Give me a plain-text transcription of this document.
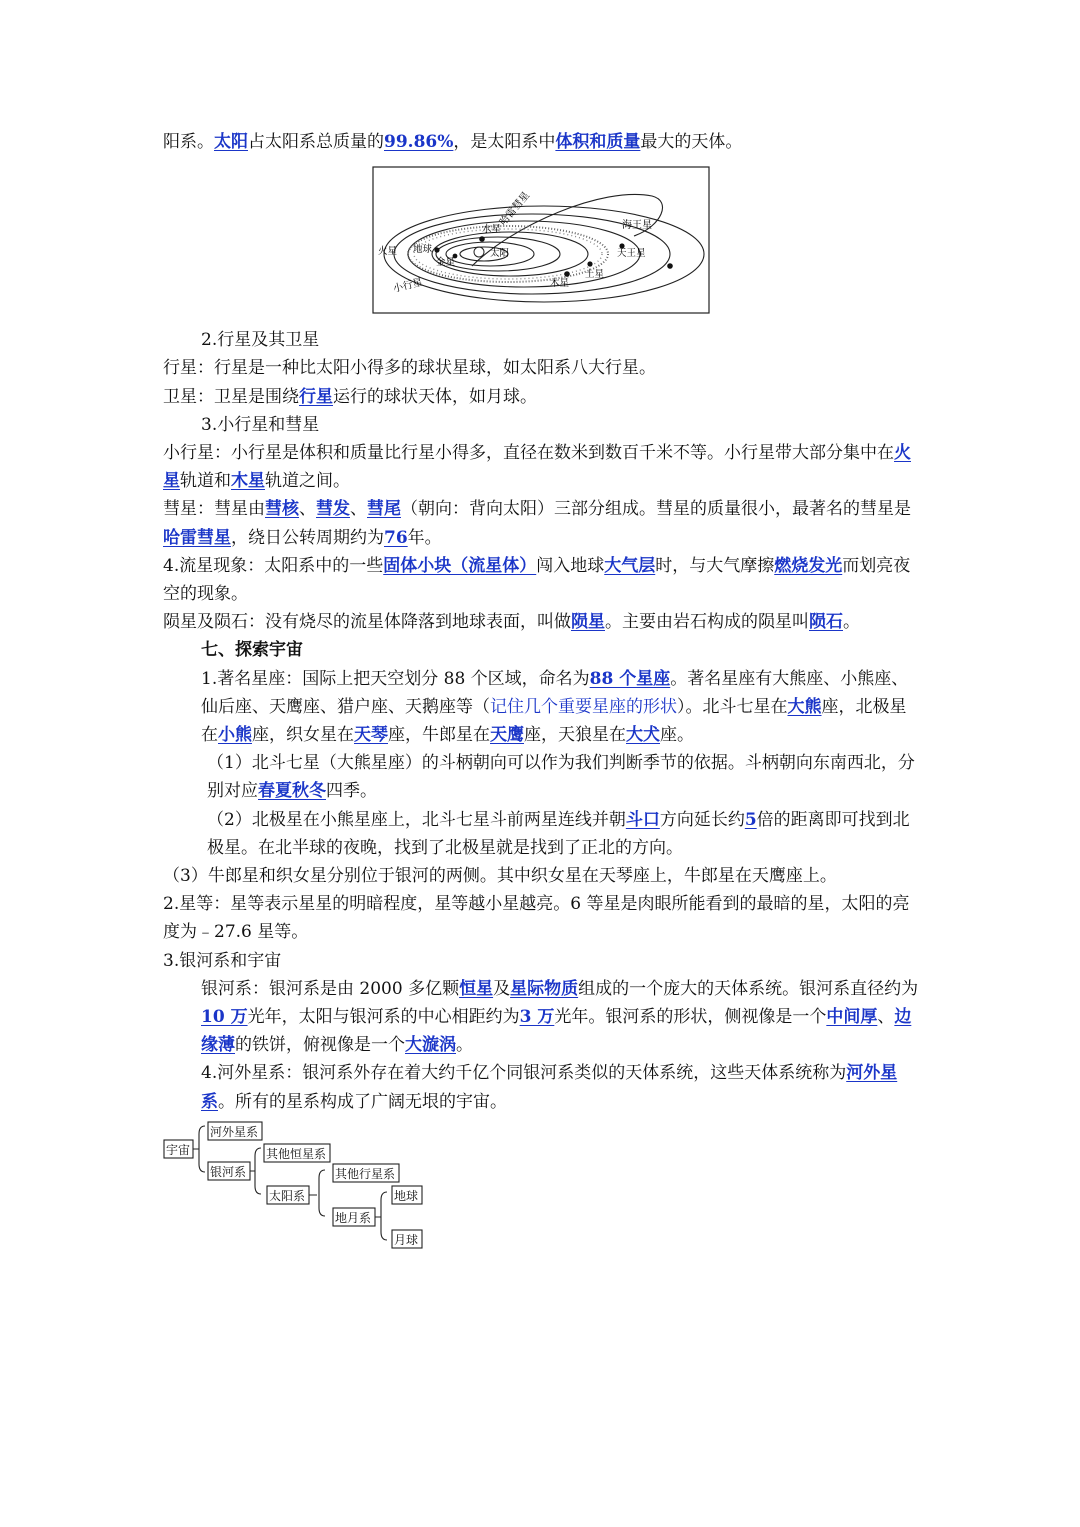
阳系。太阳占太阳系总质量的99.86%，是太阳系中体积和质量最大的天体。

海王星
水星
火星 地球	太阳
金星
天王星
土星
木星
小行星
哈雷彗星

2.行星及其卫星

行星：行星是一种比太阳小得多的球状星球，如太阳系八大行星。

卫星：卫星是围绕行星运行的球状天体，如月球。

3.小行星和彗星

小行星：小行星是体积和质量比行星小得多，直径在数米到数百千米不等。小行星带大部分集中在火星轨道和木星轨道之间。

彗星：彗星由彗核、彗发、彗尾（朝向：背向太阳）三部分组成。彗星的质量很小，最著名的彗星是哈雷彗星，绕日公转周期约为76年。

4.流星现象：太阳系中的一些固体小块（流星体）闯入地球大气层时，与大气摩擦燃烧发光而划亮夜空的现象。

陨星及陨石：没有烧尽的流星体降落到地球表面，叫做陨星。主要由岩石构成的陨星叫陨石。

七、探索宇宙

1.著名星座：国际上把天空划分 88 个区域，命名为88 个星座。著名星座有大熊座、小熊座、仙后座、天鹰座、猎户座、天鹅座等（记住几个重要星座的形状）。北斗七星在大熊座，北极星在小熊座，织女星在天琴座，牛郎星在天鹰座，天狼星在大犬座。

（1）北斗七星（大熊星座）的斗柄朝向可以作为我们判断季节的依据。斗柄朝向东南西北，分别对应春夏秋冬四季。

（2）北极星在小熊星座上，北斗七星斗前两星连线并朝斗口方向延长约5倍的距离即可找到北极星。在北半球的夜晚，找到了北极星就是找到了正北的方向。

（3）牛郎星和织女星分别位于银河的两侧。其中织女星在天琴座上，牛郎星在天鹰座上。

2.星等：星等表示星星的明暗程度，星等越小星越亮。6 等星是肉眼所能看到的最暗的星，太阳的亮度为﹣27.6 星等。

3.银河系和宇宙

银河系：银河系是由 2000 多亿颗恒星及星际物质组成的一个庞大的天体系统。银河系直径约为10 万光年，太阳与银河系的中心相距约为3 万光年。银河系的形状，侧视像是一个中间厚、边缘薄的铁饼，俯视像是一个大漩涡。

4.河外星系：银河系外存在着大约千亿个同银河系类似的天体系统，这些天体系统称为河外星系。所有的星系构成了广阔无垠的宇宙。

宇宙
河外星系
银河系
其他恒星系
太阳系
其他行星系
地月系
地球
月球
